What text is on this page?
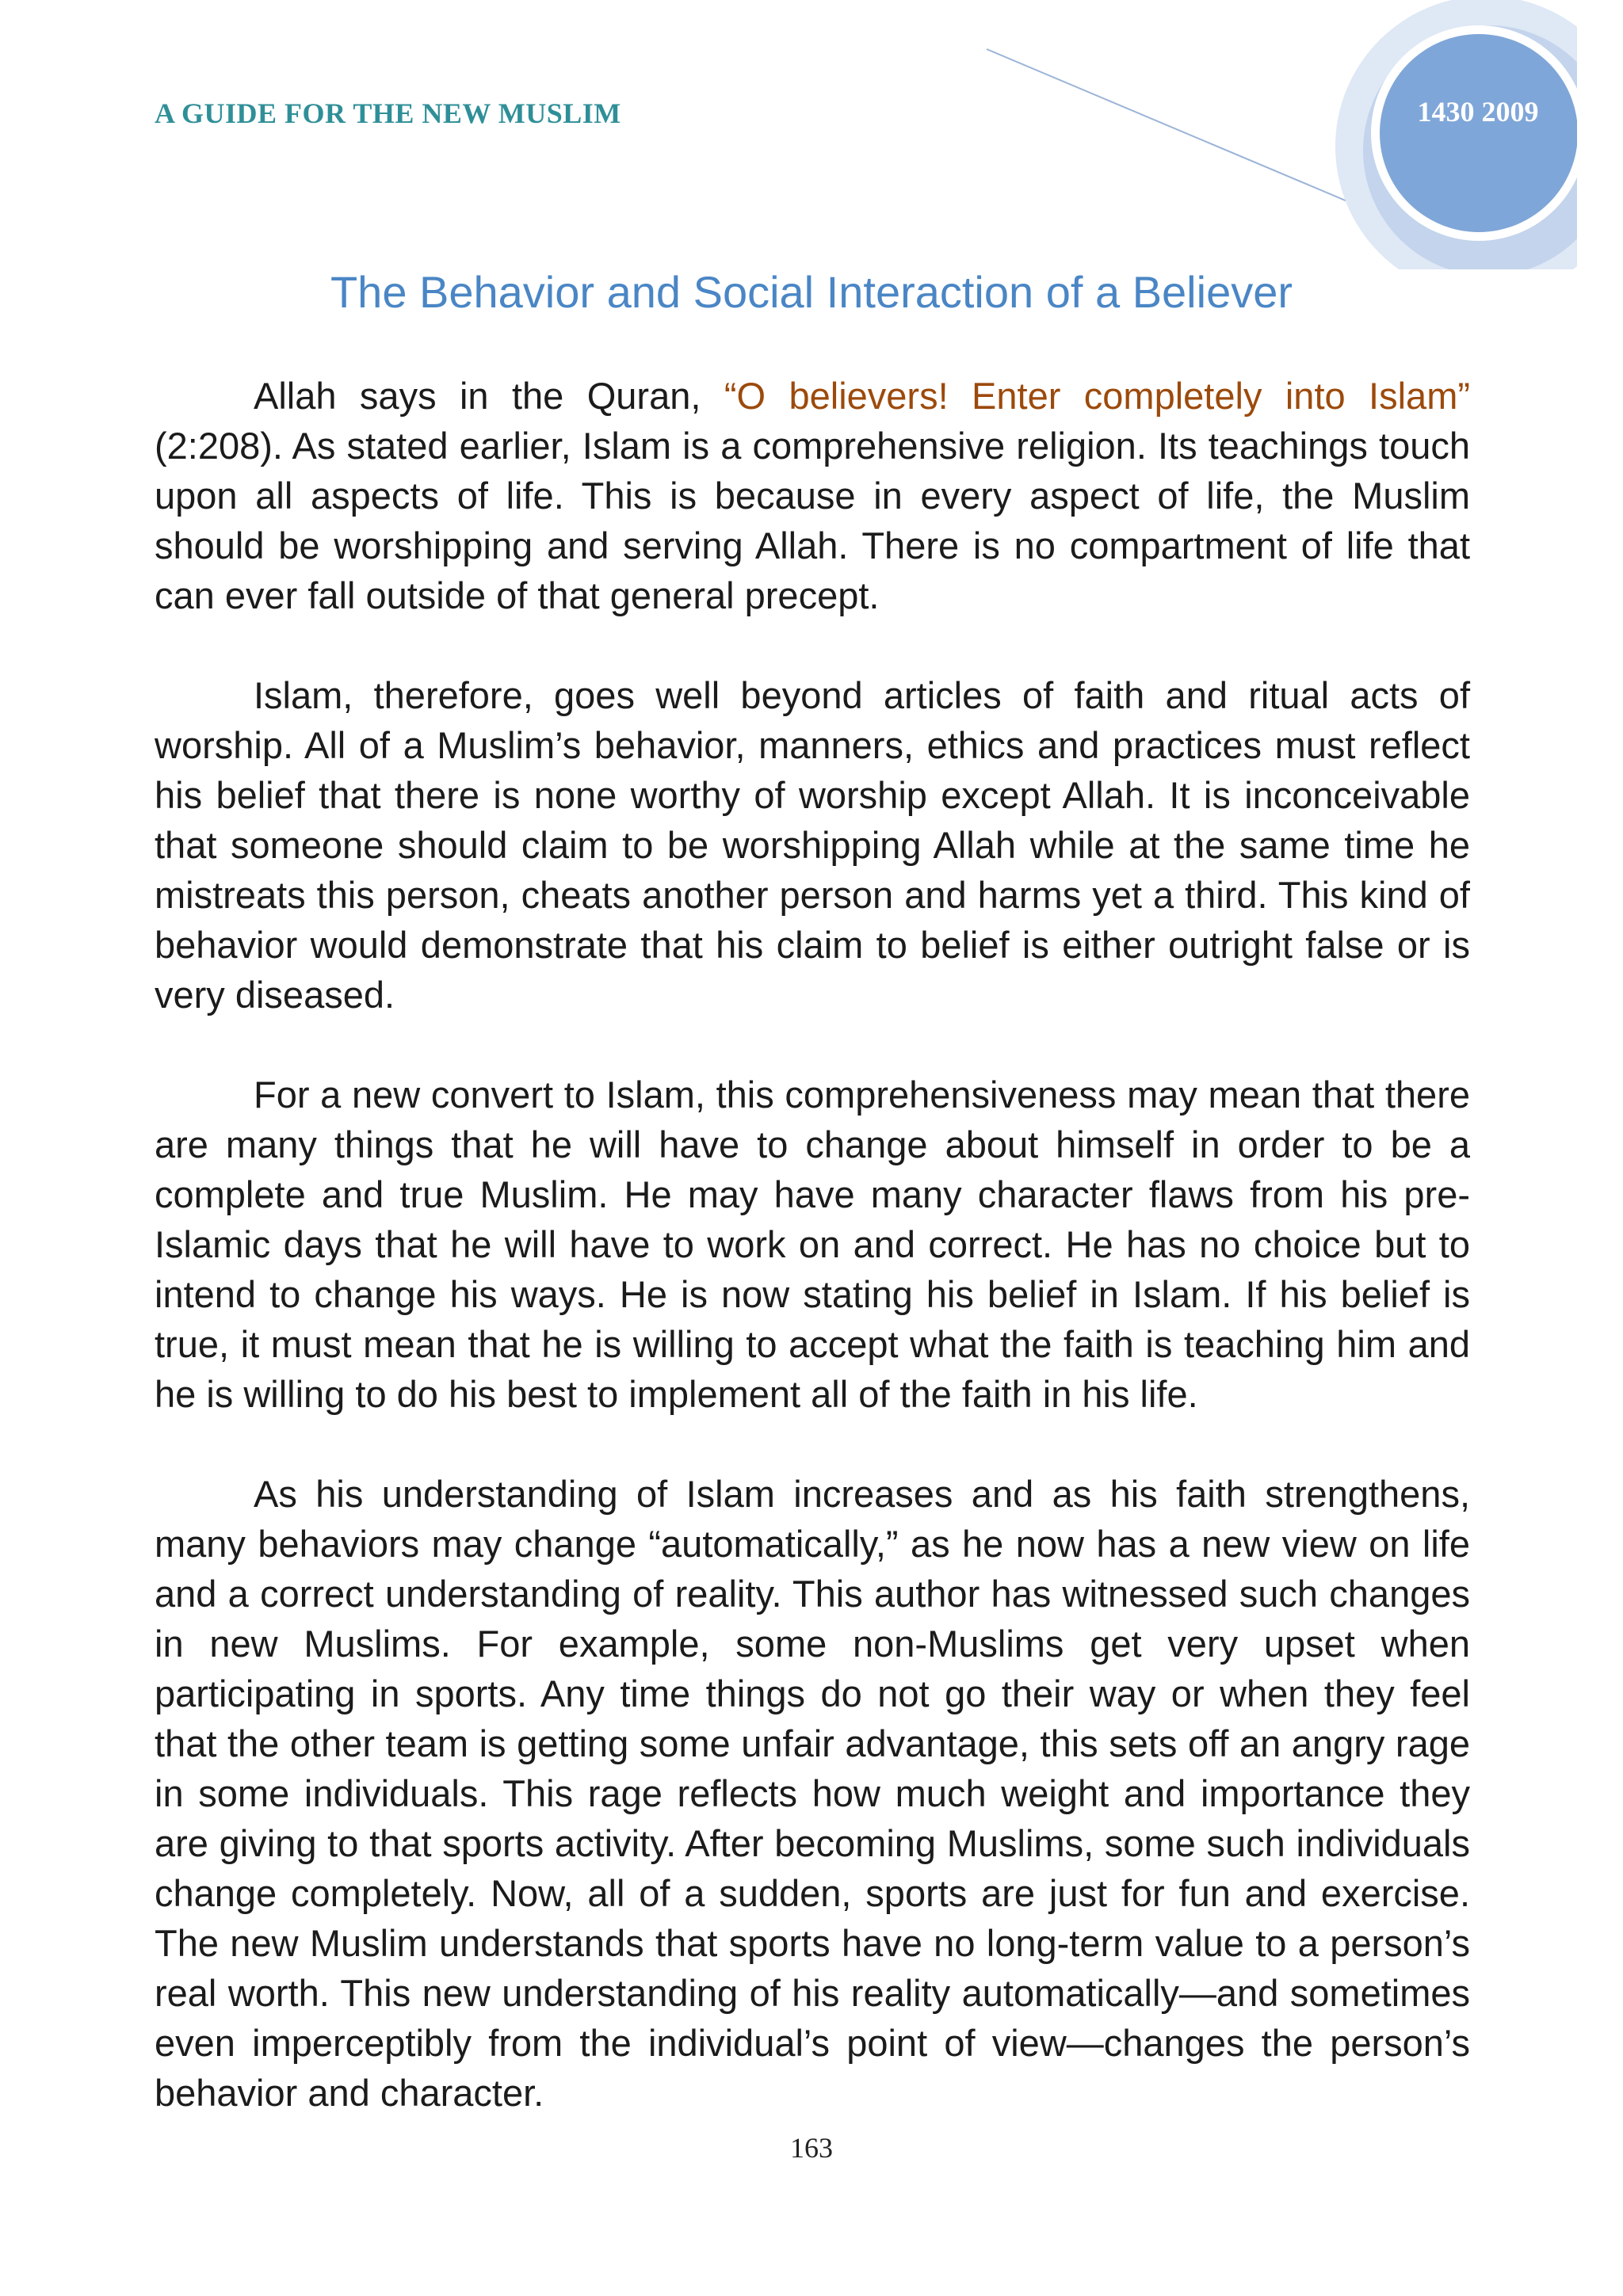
A GUIDE FOR THE NEW MUSLIM	1430 2009
The Behavior and Social Interaction of a Believer

Allah says in the Quran, “O believers! Enter completely into Islam” (2:208). As stated earlier, Islam is a comprehensive religion. Its teachings touch upon all aspects of life. This is because in every aspect of life, the Muslim should be worshipping and serving Allah. There is no compartment of life that can ever fall outside of that general precept.

Islam, therefore, goes well beyond articles of faith and ritual acts of worship. All of a Muslim’s behavior, manners, ethics and practices must reflect his belief that there is none worthy of worship except Allah. It is inconceivable that someone should claim to be worshipping Allah while at the same time he mistreats this person, cheats another person and harms yet a third. This kind of behavior would demonstrate that his claim to belief is either outright false or is very diseased.

For a new convert to Islam, this comprehensiveness may mean that there are many things that he will have to change about himself in order to be a complete and true Muslim. He may have many character flaws from his pre-Islamic days that he will have to work on and correct. He has no choice but to intend to change his ways. He is now stating his belief in Islam. If his belief is true, it must mean that he is willing to accept what the faith is teaching him and he is willing to do his best to implement all of the faith in his life.

As his understanding of Islam increases and as his faith strengthens, many behaviors may change “automatically,” as he now has a new view on life and a correct understanding of reality. This author has witnessed such changes in new Muslims. For example, some non-Muslims get very upset when participating in sports. Any time things do not go their way or when they feel that the other team is getting some unfair advantage, this sets off an angry rage in some individuals. This rage reflects how much weight and importance they are giving to that sports activity. After becoming Muslims, some such individuals change completely. Now, all of a sudden, sports are just for fun and exercise. The new Muslim understands that sports have no long-term value to a person’s real worth. This new understanding of his reality automatically—and sometimes even imperceptibly from the individual’s point of view—changes the person’s behavior and character.

163
